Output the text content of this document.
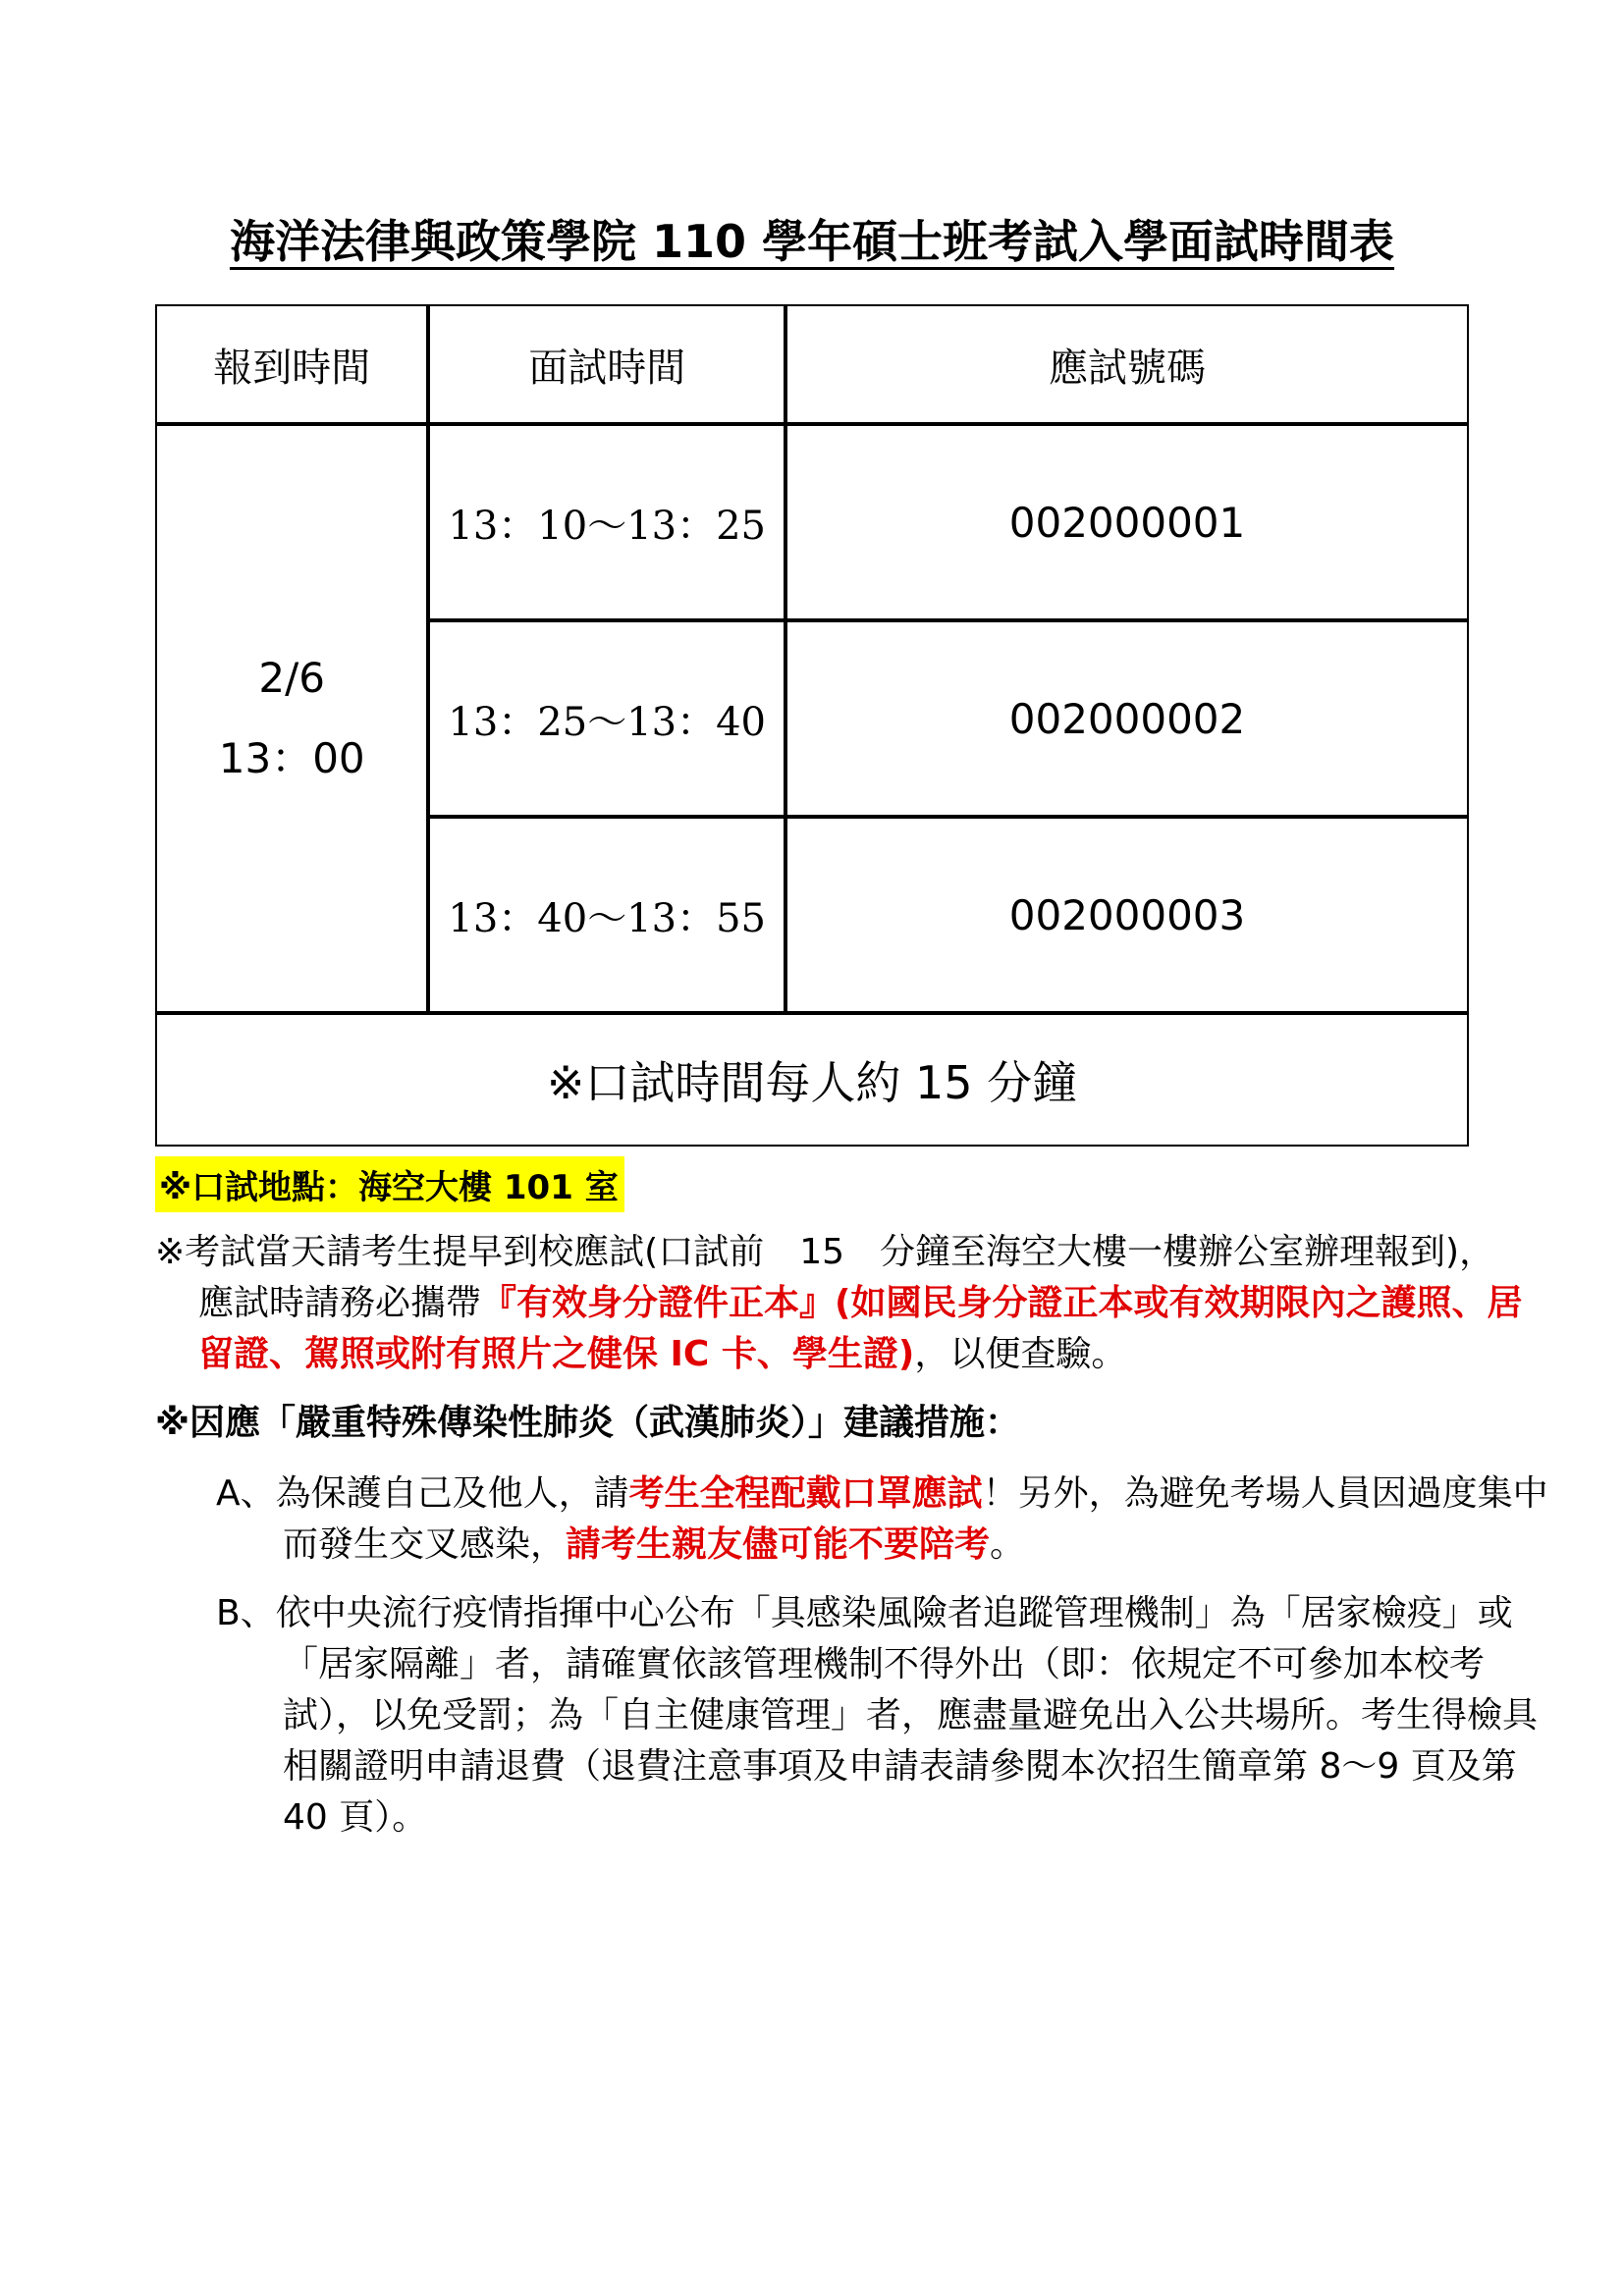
海洋法律與政策學院 110 學年碩士班考試入學面試時間表
報到時間	面試時間	應試號碼

2/6
13：00	13：10～13：25	002000001
	13：25～13：40	002000002
	13：40～13：55	002000003
※口試時間每人約 15 分鐘		
※口試地點：海空大樓 101 室
※考試當天請考生提早到校應試(口試前　15　分鐘至海空大樓一樓辦公室辦理報到)，應試時請務必攜帶『有效身分證件正本』(如國民身分證正本或有效期限內之護照、居留證、駕照或附有照片之健保 IC 卡、學生證)，以便查驗。
※因應「嚴重特殊傳染性肺炎（武漢肺炎）」建議措施：
A、為保護自己及他人，請考生全程配戴口罩應試！另外，為避免考場人員因過度集中而發生交叉感染，請考生親友儘可能不要陪考。
B、依中央流行疫情指揮中心公布「具感染風險者追蹤管理機制」為「居家檢疫」或「居家隔離」者，請確實依該管理機制不得外出（即：依規定不可參加本校考試），以免受罰；為「自主健康管理」者，應盡量避免出入公共場所。考生得檢具相關證明申請退費（退費注意事項及申請表請參閱本次招生簡章第 8～9 頁及第 40 頁）。
